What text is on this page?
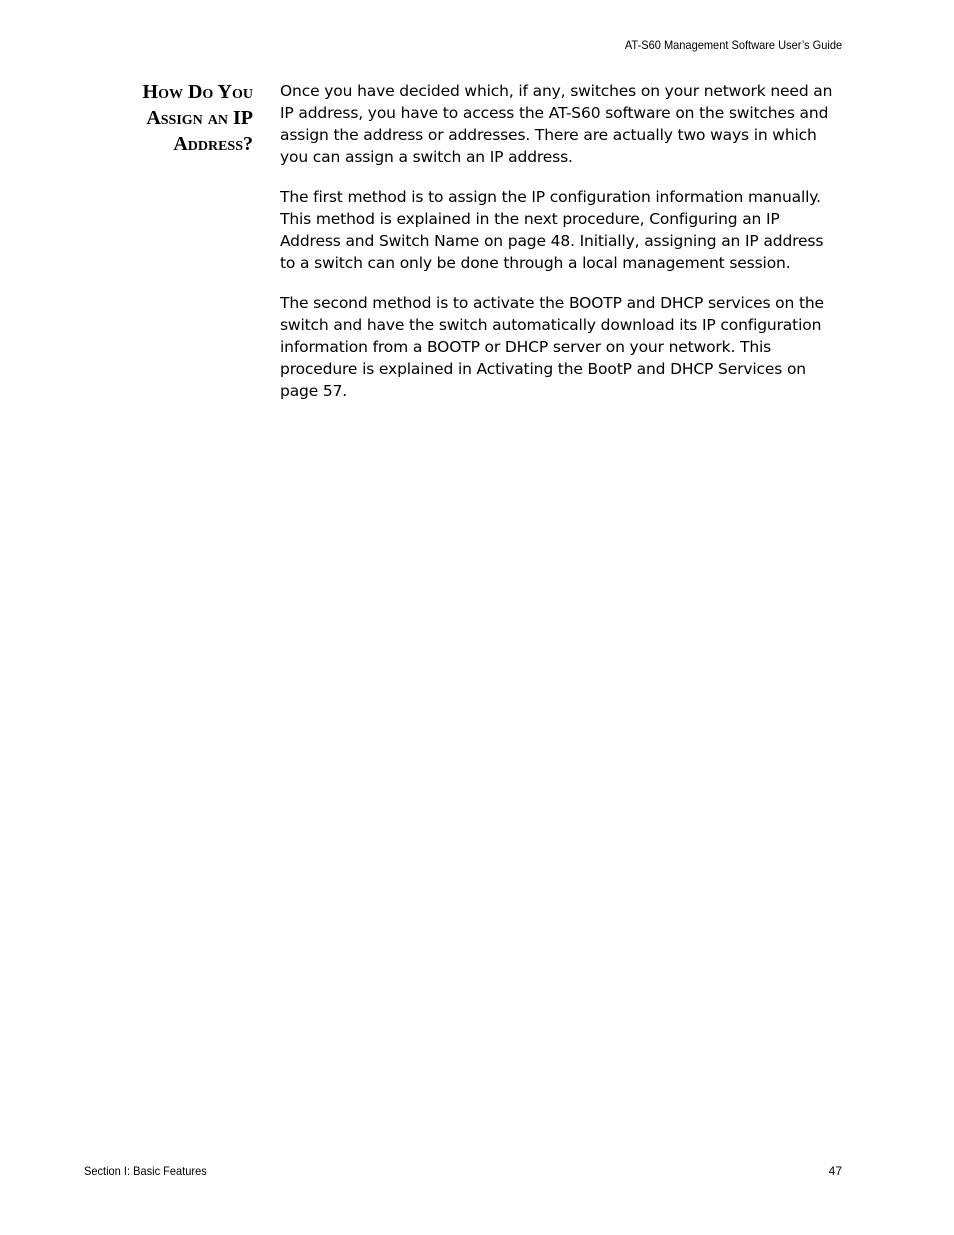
AT-S60 Management Software User’s Guide
How Do You
Assign an IP
Address?

Once you have decided which, if any, switches on your network need an
IP address, you have to access the AT-S60 software on the switches and
assign the address or addresses. There are actually two ways in which
you can assign a switch an IP address.

The first method is to assign the IP configuration information manually.
This method is explained in the next procedure, Configuring an IP
Address and Switch Name on page 48. Initially, assigning an IP address
to a switch can only be done through a local management session.

The second method is to activate the BOOTP and DHCP services on the
switch and have the switch automatically download its IP configuration
information from a BOOTP or DHCP server on your network. This
procedure is explained in Activating the BootP and DHCP Services on
page 57.

Section I: Basic Features	47
